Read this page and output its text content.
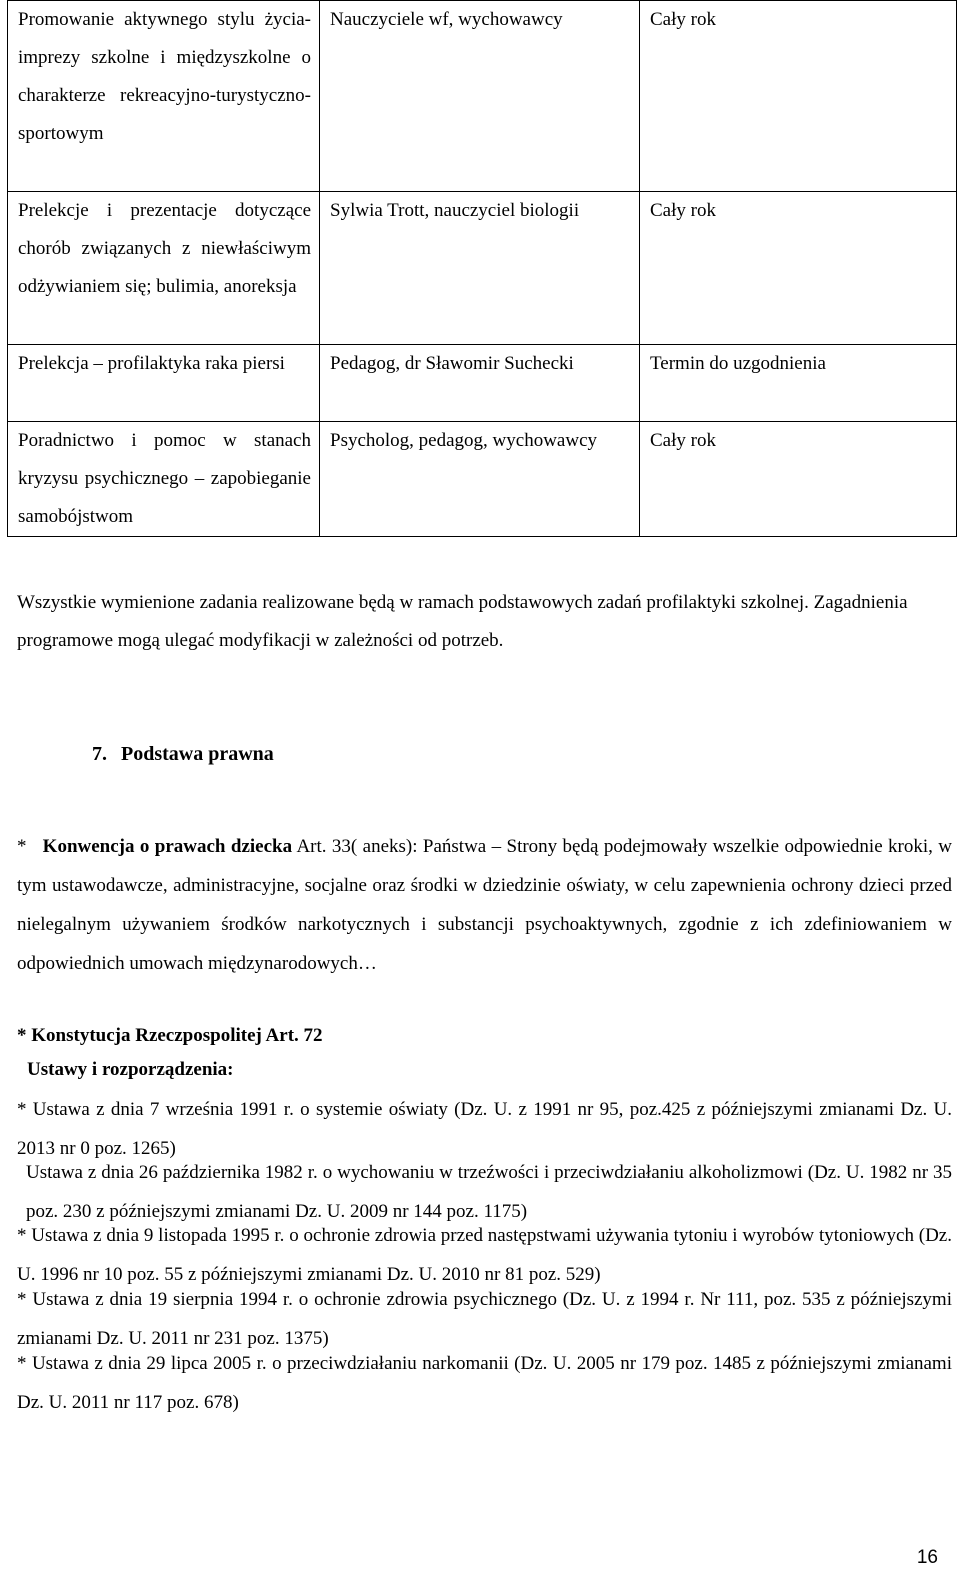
Promowanie aktywnego stylu życia- imprezy szkolne i międzyszkolne o charakterze rekreacyjno-turystyczno-sportowym	Nauczyciele wf, wychowawcy	Cały rok
Prelekcje i prezentacje dotyczące chorób związanych z niewłaściwym odżywianiem się; bulimia, anoreksja	Sylwia Trott, nauczyciel biologii	Cały rok
Prelekcja – profilaktyka raka piersi	Pedagog, dr Sławomir Suchecki	Termin do uzgodnienia
Poradnictwo i pomoc w stanach kryzysu psychicznego – zapobieganie samobójstwom	Psycholog, pedagog, wychowawcy	Cały rok
Wszystkie wymienione zadania realizowane będą w ramach podstawowych zadań profilaktyki szkolnej. Zagadnienia programowe mogą ulegać modyfikacji w zależności od potrzeb.
7. Podstawa prawna
* Konwencja o prawach dziecka Art. 33( aneks): Państwa – Strony będą podejmowały wszelkie odpowiednie kroki, w tym ustawodawcze, administracyjne, socjalne oraz środki w dziedzinie oświaty, w celu zapewnienia ochrony dzieci przed nielegalnym używaniem środków narkotycznych i substancji psychoaktywnych, zgodnie z ich zdefiniowaniem w odpowiednich umowach międzynarodowych…
* Konstytucja Rzeczpospolitej Art. 72
Ustawy i rozporządzenia:
* Ustawa z dnia 7 września 1991 r. o systemie oświaty (Dz. U. z 1991 nr 95, poz.425 z późniejszymi zmianami Dz. U. 2013 nr 0 poz. 1265)
Ustawa z dnia 26 października 1982 r. o wychowaniu w trzeźwości i przeciwdziałaniu alkoholizmowi (Dz. U. 1982 nr 35 poz. 230 z późniejszymi zmianami Dz. U. 2009 nr 144 poz. 1175)
* Ustawa z dnia 9 listopada 1995 r. o ochronie zdrowia przed następstwami używania tytoniu i wyrobów tytoniowych (Dz. U. 1996 nr 10 poz. 55 z późniejszymi zmianami Dz. U. 2010 nr 81 poz. 529)
* Ustawa z dnia 19 sierpnia 1994 r. o ochronie zdrowia psychicznego (Dz. U. z 1994 r. Nr 111, poz. 535 z późniejszymi zmianami Dz. U. 2011 nr 231 poz. 1375)
* Ustawa z dnia 29 lipca 2005 r. o przeciwdziałaniu narkomanii (Dz. U. 2005 nr 179 poz. 1485 z późniejszymi zmianami Dz. U. 2011 nr 117 poz. 678)
16
